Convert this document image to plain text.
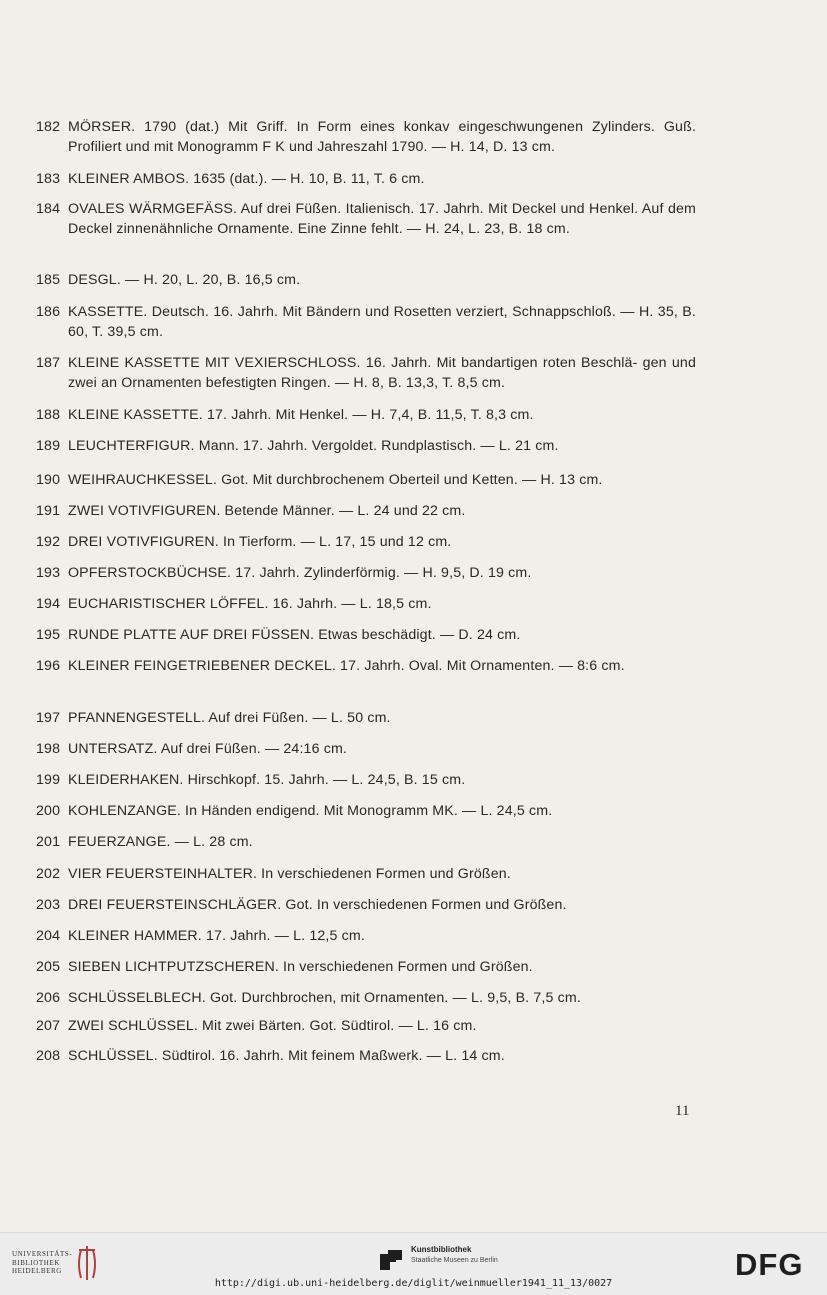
182 MÖRSER. 1790 (dat.) Mit Griff. In Form eines konkav eingeschwungenen Zylinders. Guß. Profiliert und mit Monogramm F K und Jahreszahl 1790. — H. 14, D. 13 cm.
183 KLEINER AMBOS. 1635 (dat.). — H. 10, B. 11, T. 6 cm.
184 OVALES WÄRMGEFÄSS. Auf drei Füßen. Italienisch. 17. Jahrh. Mit Deckel und Henkel. Auf dem Deckel zinnenähnliche Ornamente. Eine Zinne fehlt. — H. 24, L. 23, B. 18 cm.
185 DESGL. — H. 20, L. 20, B. 16,5 cm.
186 KASSETTE. Deutsch. 16. Jahrh. Mit Bändern und Rosetten verziert, Schnappschloß. — H. 35, B. 60, T. 39,5 cm.
187 KLEINE KASSETTE MIT VEXIERSCHLOSS. 16. Jahrh. Mit bandartigen roten Beschlä- gen und zwei an Ornamenten befestigten Ringen. — H. 8, B. 13,3, T. 8,5 cm.
188 KLEINE KASSETTE. 17. Jahrh. Mit Henkel. — H. 7,4, B. 11,5, T. 8,3 cm.
189 LEUCHTERFIGUR. Mann. 17. Jahrh. Vergoldet. Rundplastisch. — L. 21 cm.
190 WEIHRAUCHKESSEL. Got. Mit durchbrochenem Oberteil und Ketten. — H. 13 cm.
191 ZWEI VOTIVFIGUREN. Betende Männer. — L. 24 und 22 cm.
192 DREI VOTIVFIGUREN. In Tierform. — L. 17, 15 und 12 cm.
193 OPFERSTOCKBÜCHSE. 17. Jahrh. Zylinderförmig. — H. 9,5, D. 19 cm.
194 EUCHARISTISCHER LÖFFEL. 16. Jahrh. — L. 18,5 cm.
195 RUNDE PLATTE AUF DREI FÜSSEN. Etwas beschädigt. — D. 24 cm.
196 KLEINER FEINGETRIEBENER DECKEL. 17. Jahrh. Oval. Mit Ornamenten. — 8:6 cm.
197 PFANNENGESTELL. Auf drei Füßen. — L. 50 cm.
198 UNTERSATZ. Auf drei Füßen. — 24:16 cm.
199 KLEIDERHAKEN. Hirschkopf. 15. Jahrh. — L. 24,5, B. 15 cm.
200 KOHLENZANGE. In Händen endigend. Mit Monogramm MK. — L. 24,5 cm.
201 FEUERZANGE. — L. 28 cm.
202 VIER FEUERSTEINHALTER. In verschiedenen Formen und Größen.
203 DREI FEUERSTEINSCHLÄGER. Got. In verschiedenen Formen und Größen.
204 KLEINER HAMMER. 17. Jahrh. — L. 12,5 cm.
205 SIEBEN LICHTPUTZSCHEREN. In verschiedenen Formen und Größen.
206 SCHLÜSSELBLECH. Got. Durchbrochen, mit Ornamenten. — L. 9,5, B. 7,5 cm.
207 ZWEI SCHLÜSSEL. Mit zwei Bärten. Got. Südtirol. — L. 16 cm.
208 SCHLÜSSEL. Südtirol. 16. Jahrh. Mit feinem Maßwerk. — L. 14 cm.
11
UNIVERSITÄTS- BIBLIOTHEK HEIDELBERG
Kunstbibliothek
Staatliche Museen zu Berlin	DFG
http://digi.ub.uni-heidelberg.de/diglit/weinmueller1941_11_13/0027
